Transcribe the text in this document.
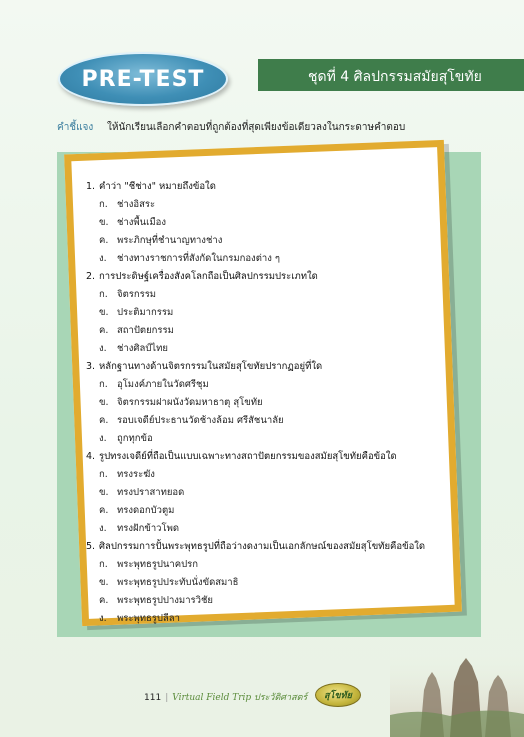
PRE-TEST	ชุดที่ 4 ศิลปกรรมสมัยสุโขทัย
คำชี้แจง ให้นักเรียนเลือกคำตอบที่ถูกต้องที่สุดเพียงข้อเดียวลงในกระดาษคำตอบ
1. คำว่า "ชีช่าง" หมายถึงข้อใด
ก. ช่างอิสระ
ข. ช่างพื้นเมือง
ค. พระภิกษุที่ชำนาญทางช่าง
ง. ช่างทางราชการที่สังกัดในกรมกองต่าง ๆ
2. การประดิษฐ์เครื่องสังคโลกถือเป็นศิลปกรรมประเภทใด
ก. จิตรกรรม
ข. ประติมากรรม
ค. สถาปัตยกรรม
ง. ช่างศิลป์ไทย
3. หลักฐานทางด้านจิตรกรรมในสมัยสุโขทัยปรากฏอยู่ที่ใด
ก. อุโมงค์ภายในวัดศรีชุม
ข. จิตรกรรมฝาผนังวัดมหาธาตุ สุโขทัย
ค. รอบเจดีย์ประธานวัดช้างล้อม ศรีสัชนาลัย
ง. ถูกทุกข้อ
4. รูปทรงเจดีย์ที่ถือเป็นแบบเฉพาะทางสถาปัตยกรรมของสมัยสุโขทัยคือข้อใด
ก. ทรงระฆัง
ข. ทรงปราสาทยอด
ค. ทรงดอกบัวตูม
ง. ทรงฝักข้าวโพด
5. ศิลปกรรมการปั้นพระพุทธรูปที่ถือว่างดงามเป็นเอกลักษณ์ของสมัยสุโขทัยคือข้อใด
ก. พระพุทธรูปนาคปรก
ข. พระพุทธรูปประทับนั่งขัดสมาธิ
ค. พระพุทธรูปปางมารวิชัย
ง. พระพุทธรูปลีลา
111 | Virtual Field Trip ประวัติศาสตร์	สุโขทัย
